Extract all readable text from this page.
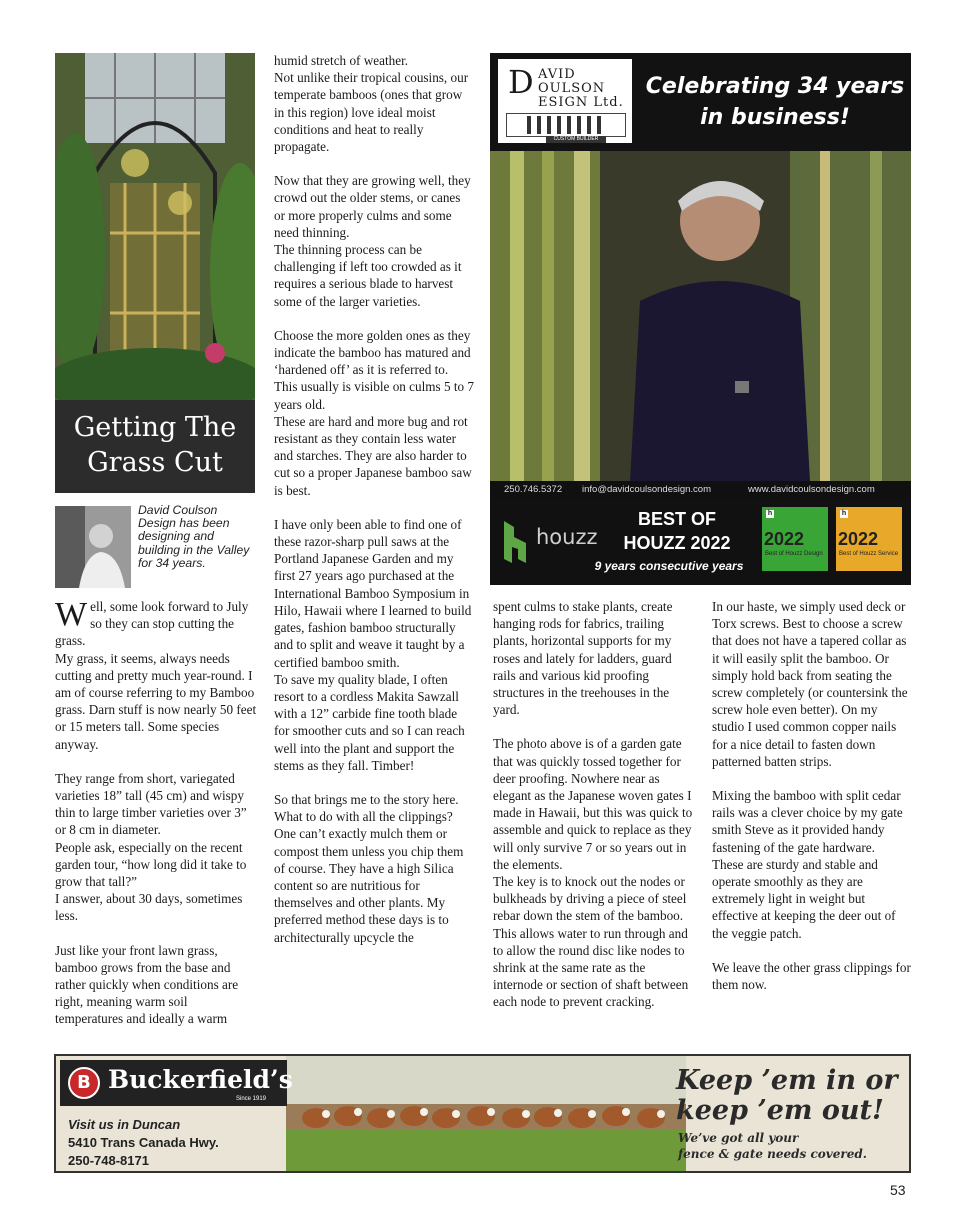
Getting The
Grass Cut
David Coulson Design has been designing and building in the Valley for 34 years.

Well, some look forward to July so they can stop cutting the grass.

My grass, it seems, always needs cutting and pretty much year-round. I am of course referring to my Bamboo grass. Darn stuff is now nearly 50 feet or 15 meters tall. Some species anyway.

They range from short, variegated varieties 18” tall (45 cm) and wispy thin to large timber varieties over 3” or 8 cm in diameter.

People ask, especially on the recent garden tour, “how long did it take to grow that tall?”

I answer, about 30 days, sometimes less.

Just like your front lawn grass, bamboo grows from the base and rather quickly when conditions are right, meaning warm soil temperatures and ideally a warm

humid stretch of weather.

Not unlike their tropical cousins, our temperate bamboos (ones that grow in this region) love ideal moist conditions and heat to really propagate.

Now that they are growing well, they crowd out the older stems, or canes or more properly culms and some need thinning.

The thinning process can be challenging if left too crowded as it requires a serious blade to harvest some of the larger varieties.

Choose the more golden ones as they indicate the bamboo has matured and ‘hardened off’ as it is referred to.

This usually is visible on culms 5 to 7 years old.

These are hard and more bug and rot resistant as they contain less water and starches. They are also harder to cut so a proper Japanese bamboo saw is best.

I have only been able to find one of these razor-sharp pull saws at the Portland Japanese Garden and my first 27 years ago purchased at the International Bamboo Symposium in Hilo, Hawaii where I learned to build gates, fashion bamboo structurally and to split and weave it taught by a certified bamboo smith.

To save my quality blade, I often resort to a cordless Makita Sawzall with a 12” carbide fine tooth blade for smoother cuts and so I can reach well into the plant and support the stems as they fall. Timber!

So that brings me to the story here. What to do with all the clippings?

One can’t exactly mulch them or compost them unless you chip them of course. They have a high Silica content so are nutritious for themselves and other plants. My preferred method these days is to architecturally upcycle the

D AVID
OULSON
ESIGN Ltd.
CUSTOM BUILDER
Celebrating 34 years
in business!
250.746.5372 info@davidcoulsondesign.com	www.davidcoulsondesign.com
houzz
BEST OF
HOUZZ 2022
9 years consecutive years
h
2022
Best of Houzz Design
h
2022
Best of Houzz Service

spent culms to stake plants, create hanging rods for fabrics, trailing plants, horizontal supports for my roses and lately for ladders, guard rails and various kid proofing structures in the treehouses in the yard.

The photo above is of a garden gate that was quickly tossed together for deer proofing. Nowhere near as elegant as the Japanese woven gates I made in Hawaii, but this was quick to assemble and quick to replace as they will only survive 7 or so years out in the elements.

The key is to knock out the nodes or bulkheads by driving a piece of steel rebar down the stem of the bamboo. This allows water to run through and to allow the round disc like nodes to shrink at the same rate as the internode or section of shaft between each node to prevent cracking.

In our haste, we simply used deck or Torx screws. Best to choose a screw that does not have a tapered collar as it will easily split the bamboo. Or simply hold back from seating the screw completely (or countersink the screw hole even better). On my studio I used common copper nails for a nice detail to fasten down patterned batten strips.

Mixing the bamboo with split cedar rails was a clever choice by my gate smith Steve as it provided handy fastening of the gate hardware.

These are sturdy and stable and operate smoothly as they are extremely light in weight but effective at keeping the deer out of the veggie patch.

We leave the other grass clippings for them now.

B Buckerfield’s
Since 1919
Visit us in Duncan
5410 Trans Canada Hwy.
250-748-8171
Keep ’em in or
keep ’em out!
We’ve got all your
fence & gate needs covered.
53
